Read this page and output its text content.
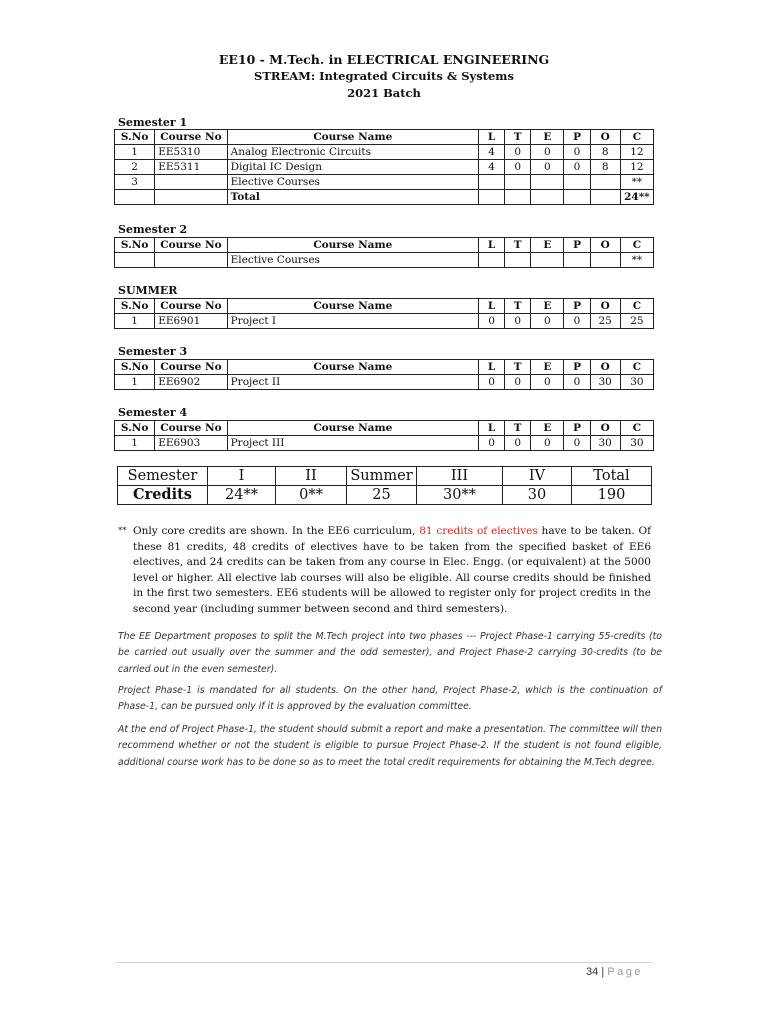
EE10 - M.Tech. in ELECTRICAL ENGINEERING
STREAM: Integrated Circuits & Systems
2021 Batch
Semester 1
S.No	Course No	Course Name	L	T	E	P	O	C
1	EE5310	Analog Electronic Circuits	4	0	0	0	8	12
2	EE5311	Digital IC Design	4	0	0	0	8	12
3		Elective Courses						**
		Total						24**
Semester 2
S.No	Course No	Course Name	L	T	E	P	O	C
		Elective Courses						**
SUMMER
S.No	Course No	Course Name	L	T	E	P	O	C
1	EE6901	Project I	0	0	0	0	25	25
Semester 3
S.No	Course No	Course Name	L	T	E	P	O	C
1	EE6902	Project II	0	0	0	0	30	30
Semester 4
S.No	Course No	Course Name	L	T	E	P	O	C
1	EE6903	Project III	0	0	0	0	30	30
Semester	I	II	Summer	III	IV	Total
Credits	24**	0**	25	30**	30	190
** Only core credits are shown. In the EE6 curriculum, 81 credits of electives have to be taken. Of these 81 credits, 48 credits of electives have to be taken from the specified basket of EE6 electives, and 24 credits can be taken from any course in Elec. Engg. (or equivalent) at the 5000 level or higher. All elective lab courses will also be eligible. All course credits should be finished in the first two semesters. EE6 students will be allowed to register only for project credits in the second year (including summer between second and third semesters).
The EE Department proposes to split the M.Tech project into two phases --- Project Phase-1 carrying 55-credits (to be carried out usually over the summer and the odd semester), and Project Phase-2 carrying 30-credits (to be carried out in the even semester).
Project Phase-1 is mandated for all students. On the other hand, Project Phase-2, which is the continuation of Phase-1, can be pursued only if it is approved by the evaluation committee.
At the end of Project Phase-1, the student should submit a report and make a presentation. The committee will then recommend whether or not the student is eligible to pursue Project Phase-2. If the student is not found eligible, additional course work has to be done so as to meet the total credit requirements for obtaining the M.Tech degree.
34 | Page
